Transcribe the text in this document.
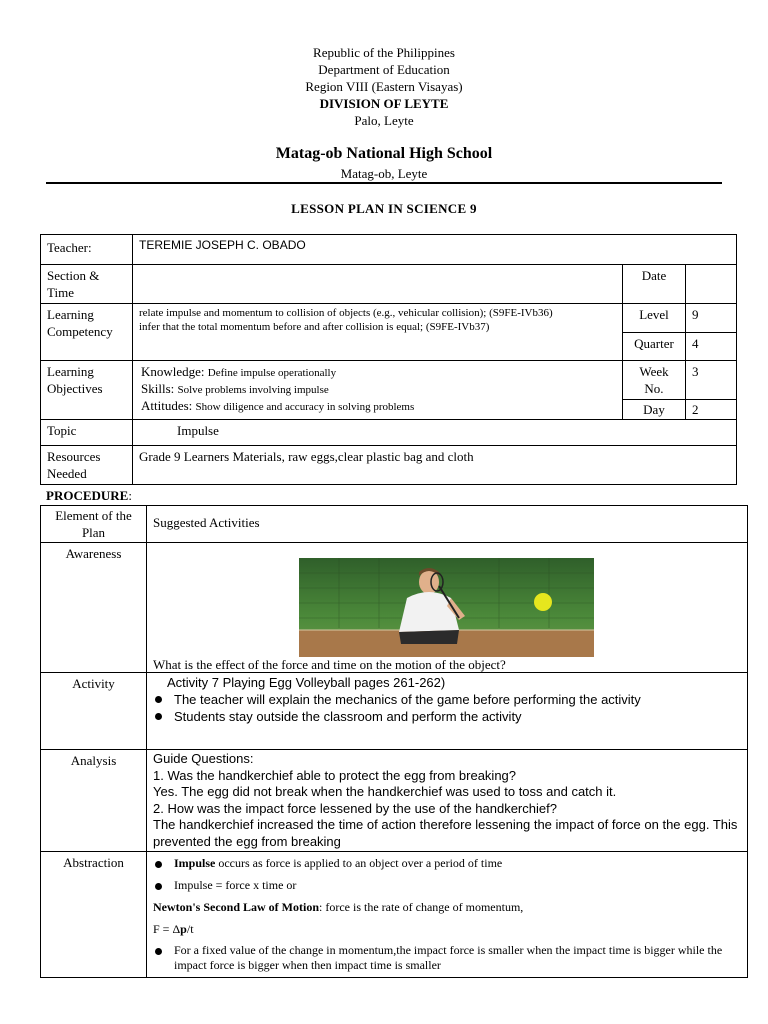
Republic of the Philippines
Department of Education
Region VIII (Eastern Visayas)
DIVISION OF LEYTE
Palo, Leyte
Matag-ob National High School
Matag-ob, Leyte
LESSON PLAN IN SCIENCE 9
Teacher:	TEREMIE JOSEPH C. OBADO		

Section & Time		Date	

Learning Competency	relate impulse and momentum to collision of objects (e.g., vehicular collision); (S9FE-IVb36)
infer that the total momentum before and after collision is equal; (S9FE-IVb37)	Level	9

		Quarter	4

Learning Objectives	Knowledge: Define impulse operationally
Skills: Solve problems involving impulse
Attitudes: Show diligence and accuracy in solving problems	Week No.	3

		Day	2

Topic	Impulse		

Resources Needed	Grade 9 Learners Materials, raw eggs,clear plastic bag and cloth		
PROCEDURE:
Element of the Plan	Suggested Activities

Awareness	What is the effect of the force and time on the motion of the object?

Activity	Activity 7 Playing Egg Volleyball pages 261-262)
The teacher will explain the mechanics of the game before performing the activity
Students stay outside the classroom and perform the activity

Analysis	Guide Questions:
1. Was the handkerchief able to protect the egg from breaking?
Yes. The egg did not break when the handkerchief was used to toss and catch it.
2. How was the impact force lessened by the use of the handkerchief?
The handkerchief increased the time of action therefore lessening the impact of force on the egg. This prevented the egg from breaking

Abstraction	Impulse occurs as force is applied to an object over a period of time
Impulse = force x time or
Newton's Second Law of Motion: force is the rate of change of momentum,
F = Δp/t
For a fixed value of the change in momentum,the impact force is smaller when the impact time is bigger while the impact force is bigger when then impact time is smaller
